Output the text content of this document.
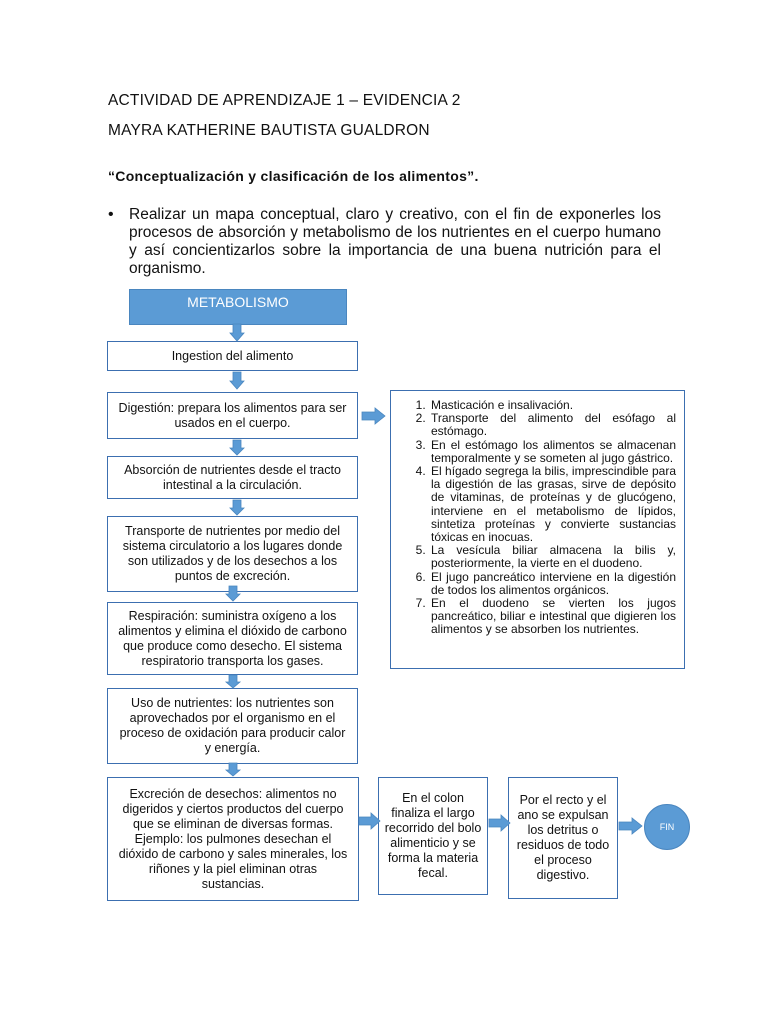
ACTIVIDAD DE APRENDIZAJE 1 – EVIDENCIA 2
MAYRA KATHERINE BAUTISTA GUALDRON
“Conceptualización y clasificación de los alimentos”.
• Realizar un mapa conceptual, claro y creativo, con el fin de exponerles los procesos de absorción y metabolismo de los nutrientes en el cuerpo humano y así concientizarlos sobre la importancia de una buena nutrición para el organismo.
METABOLISMO
Ingestion del alimento
Digestión: prepara los alimentos para ser usados en el cuerpo.
Absorción de nutrientes desde el tracto intestinal a la circulación.
Transporte de nutrientes por medio del sistema circulatorio a los lugares donde son utilizados y de los desechos a los puntos de excreción.
Respiración: suministra oxígeno a los alimentos y elimina el dióxido de carbono que produce como desecho. El sistema respiratorio transporta los gases.
Uso de nutrientes: los nutrientes son aprovechados por el organismo en el proceso de oxidación para producir calor y energía.
Excreción de desechos: alimentos no digeridos y ciertos productos del cuerpo que se eliminan de diversas formas. Ejemplo: los pulmones desechan el dióxido de carbono y sales minerales, los riñones y la piel eliminan otras sustancias.
1. Masticación e insalivación.
2. Transporte del alimento del esófago al estómago.
3. En el estómago los alimentos se almacenan temporalmente y se someten al jugo gástrico.
4. El hígado segrega la bilis, imprescindible para la digestión de las grasas, sirve de depósito de vitaminas, de proteínas y de glucógeno, interviene en el metabolismo de lípidos, sintetiza proteínas y convierte sustancias tóxicas en inocuas.
5. La vesícula biliar almacena la bilis y, posteriormente, la vierte en el duodeno.
6. El jugo pancreático interviene en la digestión de todos los alimentos orgánicos.
7. En el duodeno se vierten los jugos pancreático, biliar e intestinal que digieren los alimentos y se absorben los nutrientes.
En el colon finaliza el largo recorrido del bolo alimenticio y se forma la materia fecal.
Por el recto y el ano se expulsan los detritus o residuos de todo el proceso digestivo.
FIN
